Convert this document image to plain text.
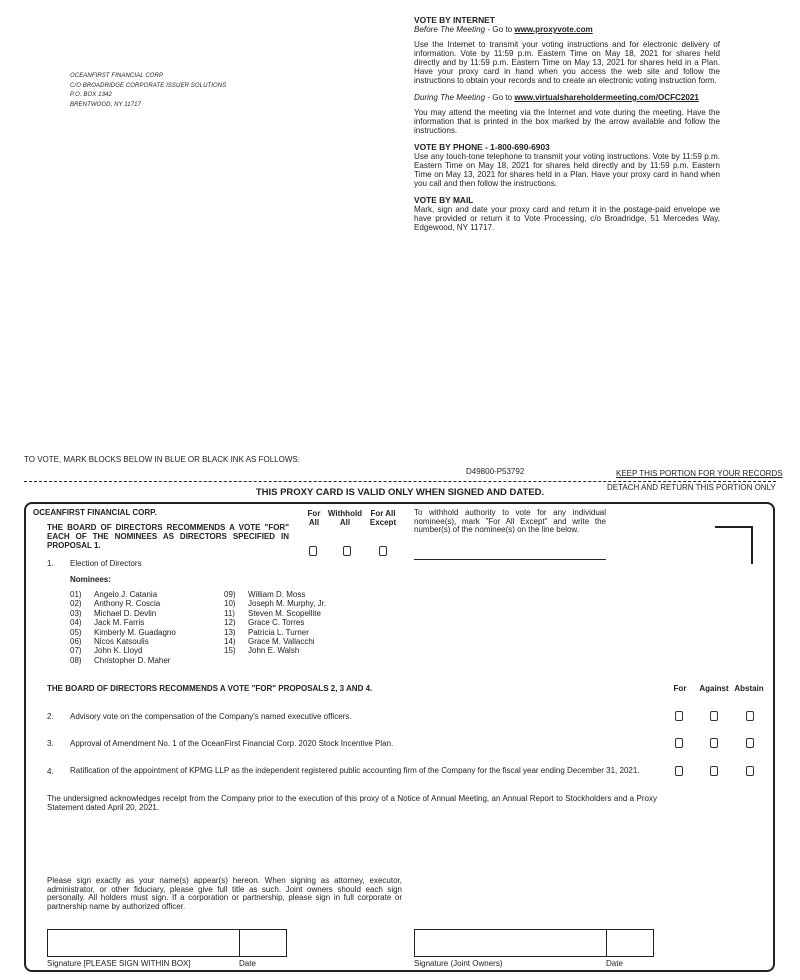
OCEANFIRST FINANCIAL CORP
C/O BROADRIDGE CORPORATE ISSUER SOLUTIONS
P.O. BOX 1342
BRENTWOOD, NY 11717
VOTE BY INTERNET

Before The Meeting - Go to www.proxyvote.com

Use the Internet to transmit your voting instructions and for electronic delivery of information. Vote by 11:59 p.m. Eastern Time on May 18, 2021 for shares held directly and by 11:59 p.m. Eastern Time on May 13, 2021 for shares held in a Plan. Have your proxy card in hand when you access the web site and follow the instructions to obtain your records and to create an electronic voting instruction form.

During The Meeting - Go to www.virtualshareholdermeeting.com/OCFC2021

You may attend the meeting via the Internet and vote during the meeting. Have the information that is printed in the box marked by the arrow available and follow the instructions.

VOTE BY PHONE - 1-800-690-6903

Use any touch-tone telephone to transmit your voting instructions. Vote by 11:59 p.m. Eastern Time on May 18, 2021 for shares held directly and by 11:59 p.m. Eastern Time on May 13, 2021 for shares held in a Plan. Have your proxy card in hand when you call and then follow the instructions.

VOTE BY MAIL

Mark, sign and date your proxy card and return it in the postage-paid envelope we have provided or return it to Vote Processing, c/o Broadridge, 51 Mercedes Way, Edgewood, NY 11717.

TO VOTE, MARK BLOCKS BELOW IN BLUE OR BLACK INK AS FOLLOWS:
D49800-P53792	KEEP THIS PORTION FOR YOUR RECORDS
DETACH AND RETURN THIS PORTION ONLY
THIS PROXY CARD IS VALID ONLY WHEN SIGNED AND DATED.
OCEANFIRST FINANCIAL CORP.
THE BOARD OF DIRECTORS RECOMMENDS A VOTE "FOR" EACH OF THE NOMINEES AS DIRECTORS SPECIFIED IN PROPOSAL 1.
For
All
Withhold
All
For All
Except
To withhold authority to vote for any individual nominee(s), mark "For All Except" and write the number(s) of the nominee(s) on the line below.
1. Election of Directors
Nominees:
01)	Angelo J. Catania
02)	Anthony R. Coscia
03)	Michael D. Devlin
04)	Jack M. Farris
05)	Kimberly M. Guadagno
06)	Nicos Katsoulis
07)	John K. Lloyd
08)	Christopher D. Maher
09)	William D. Moss
10)	Joseph M. Murphy, Jr.
11)	Steven M. Scopellite
12)	Grace C. Torres
13)	Patricia L. Turner
14)	Grace M. Vallacchi
15)	John E. Walsh
THE BOARD OF DIRECTORS RECOMMENDS A VOTE "FOR" PROPOSALS 2, 3 AND 4.	For	Against Abstain
2. Advisory vote on the compensation of the Company's named executive officers.
3. Approval of Amendment No. 1 of the OceanFirst Financial Corp. 2020 Stock Incentive Plan.
4. Ratification of the appointment of KPMG LLP as the independent registered public accounting firm of the Company for the fiscal year ending December 31, 2021.
The undersigned acknowledges receipt from the Company prior to the execution of this proxy of a Notice of Annual Meeting, an Annual Report to Stockholders and a Proxy Statement dated April 20, 2021.
Please sign exactly as your name(s) appear(s) hereon. When signing as attorney, executor, administrator, or other fiduciary, please give full title as such. Joint owners should each sign personally. All holders must sign. If a corporation or partnership, please sign in full corporate or partnership name by authorized officer.
Signature [PLEASE SIGN WITHIN BOX]	Date	Signature (Joint Owners)	Date
